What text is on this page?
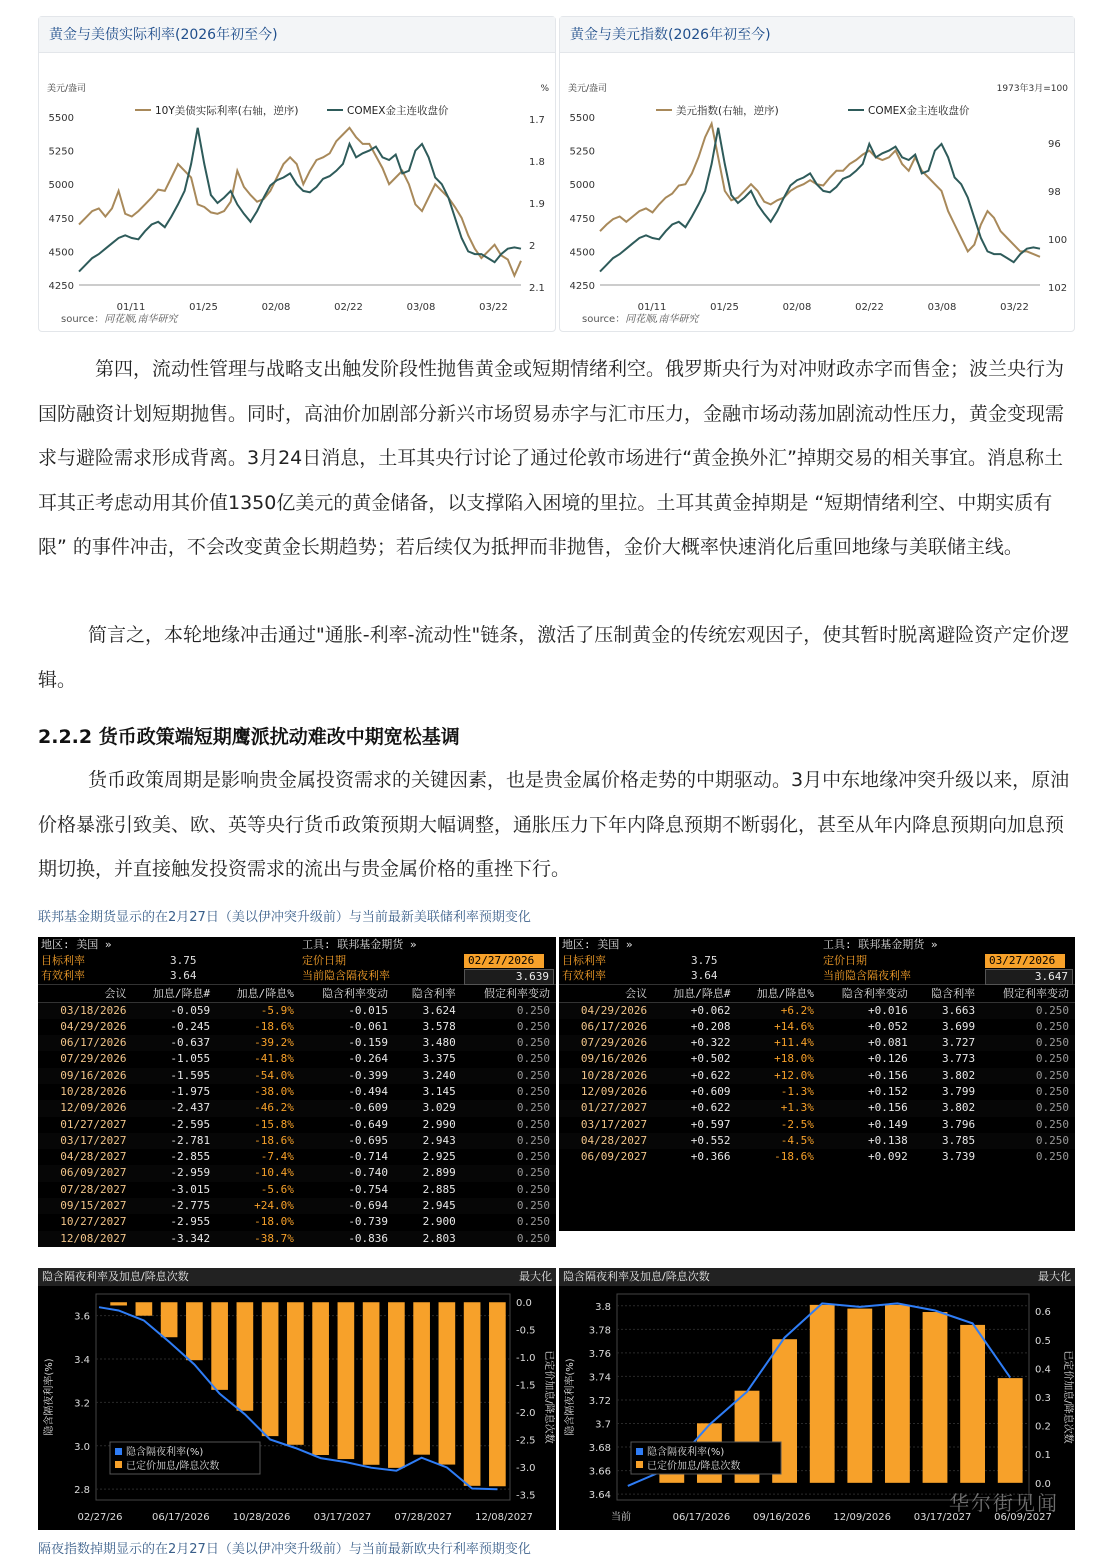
黄金与美债实际利率(2026年初至今)
美元/盎司	%
10Y美债实际利率(右轴，逆序)	COMEX金主连收盘价
5500
5250
5000
4750
4500
4250
1.7
1.8
1.9
2
2.1
01/11	01/25	02/08	02/22	03/08	03/22
source：同花顺,南华研究
黄金与美元指数(2026年初至今)
美元/盎司	1973年3月=100
美元指数(右轴，逆序)	COMEX金主连收盘价
5500
5250
5000
4750
4500
4250
96
98
100
102
01/11	01/25	02/08	02/22	03/08	03/22
source：同花顺,南华研究
第四，流动性管理与战略支出触发阶段性抛售黄金或短期情绪利空。俄罗斯央行为对冲财政赤字而售金；波兰央行为国防融资计划短期抛售。同时，高油价加剧部分新兴市场贸易赤字与汇市压力，金融市场动荡加剧流动性压力，黄金变现需求与避险需求形成背离。3月24日消息，土耳其央行讨论了通过伦敦市场进行“黄金换外汇”掉期交易的相关事宜。消息称土耳其正考虑动用其价值1350亿美元的黄金储备，以支撑陷入困境的里拉。土耳其黄金掉期是 “短期情绪利空、中期实质有限” 的事件冲击，不会改变黄金长期趋势；若后续仅为抵押而非抛售，金价大概率快速消化后重回地缘与美联储主线。
简言之，本轮地缘冲击通过"通胀-利率-流动性"链条，激活了压制黄金的传统宏观因子，使其暂时脱离避险资产定价逻辑。
2.2.2 货币政策端短期鹰派扰动难改中期宽松基调
货币政策周期是影响贵金属投资需求的关键因素，也是贵金属价格走势的中期驱动。3月中东地缘冲突升级以来，原油价格暴涨引致美、欧、英等央行货币政策预期大幅调整，通胀压力下年内降息预期不断弱化，甚至从年内降息预期向加息预期切换，并直接触发投资需求的流出与贵金属价格的重挫下行。
联邦基金期货显示的在2月27日（美以伊冲突升级前）与当前最新美联储利率预期变化
地区: 美国 »	工具: 联邦基金期货 »
目标利率	3.75
有效利率	3.64
定价日期	02/27/2026
当前隐含隔夜利率	3.639
会议	加息/降息#	加息/降息%	隐含利率变动	隐含利率	假定利率变动
03/18/2026	-0.059	-5.9%	-0.015	3.624	0.250
04/29/2026	-0.245	-18.6%	-0.061	3.578	0.250
06/17/2026	-0.637	-39.2%	-0.159	3.480	0.250
07/29/2026	-1.055	-41.8%	-0.264	3.375	0.250
09/16/2026	-1.595	-54.0%	-0.399	3.240	0.250
10/28/2026	-1.975	-38.0%	-0.494	3.145	0.250
12/09/2026	-2.437	-46.2%	-0.609	3.029	0.250
01/27/2027	-2.595	-15.8%	-0.649	2.990	0.250
03/17/2027	-2.781	-18.6%	-0.695	2.943	0.250
04/28/2027	-2.855	-7.4%	-0.714	2.925	0.250
06/09/2027	-2.959	-10.4%	-0.740	2.899	0.250
07/28/2027	-3.015	-5.6%	-0.754	2.885	0.250
09/15/2027	-2.775	+24.0%	-0.694	2.945	0.250
10/27/2027	-2.955	-18.0%	-0.739	2.900	0.250
12/08/2027	-3.342	-38.7%	-0.836	2.803	0.250
地区: 美国 »	工具: 联邦基金期货 »
目标利率	3.75
有效利率	3.64
定价日期	03/27/2026
当前隐含隔夜利率	3.647
会议	加息/降息#	加息/降息%	隐含利率变动	隐含利率	假定利率变动
04/29/2026	+0.062	+6.2%	+0.016	3.663	0.250
06/17/2026	+0.208	+14.6%	+0.052	3.699	0.250
07/29/2026	+0.322	+11.4%	+0.081	3.727	0.250
09/16/2026	+0.502	+18.0%	+0.126	3.773	0.250
10/28/2026	+0.622	+12.0%	+0.156	3.802	0.250
12/09/2026	+0.609	-1.3%	+0.152	3.799	0.250
01/27/2027	+0.622	+1.3%	+0.156	3.802	0.250
03/17/2027	+0.597	-2.5%	+0.149	3.796	0.250
04/28/2027	+0.552	-4.5%	+0.138	3.785	0.250
06/09/2027	+0.366	-18.6%	+0.092	3.739	0.250
隐含隔夜利率及加息/降息次数	最大化
3.6
3.4
3.2
3.0
2.8
0.0
-0.5
-1.0
-1.5
-2.0
-2.5
-3.0
-3.5
隐含隔夜利率(%)	已定价加息/降息次数
隐含隔夜利率(%)
已定价加息/降息次数
02/27/26	06/17/2026 10/28/2026 03/17/2027 07/28/2027 12/08/2027
隐含隔夜利率及加息/降息次数	最大化
3.8
3.78
3.76
3.74
3.72
3.7
3.68
3.66
3.64
0.6
0.5
0.4
0.3
0.2
0.1
0.0
隐含隔夜利率(%)	已定价加息/降息次数
隐含隔夜利率(%)
已定价加息/降息次数
当前	06/17/2026 09/16/2026 12/09/2026 03/17/2027 06/09/2027
华尔街见闻
隔夜指数掉期显示的在2月27日（美以伊冲突升级前）与当前最新欧央行利率预期变化
